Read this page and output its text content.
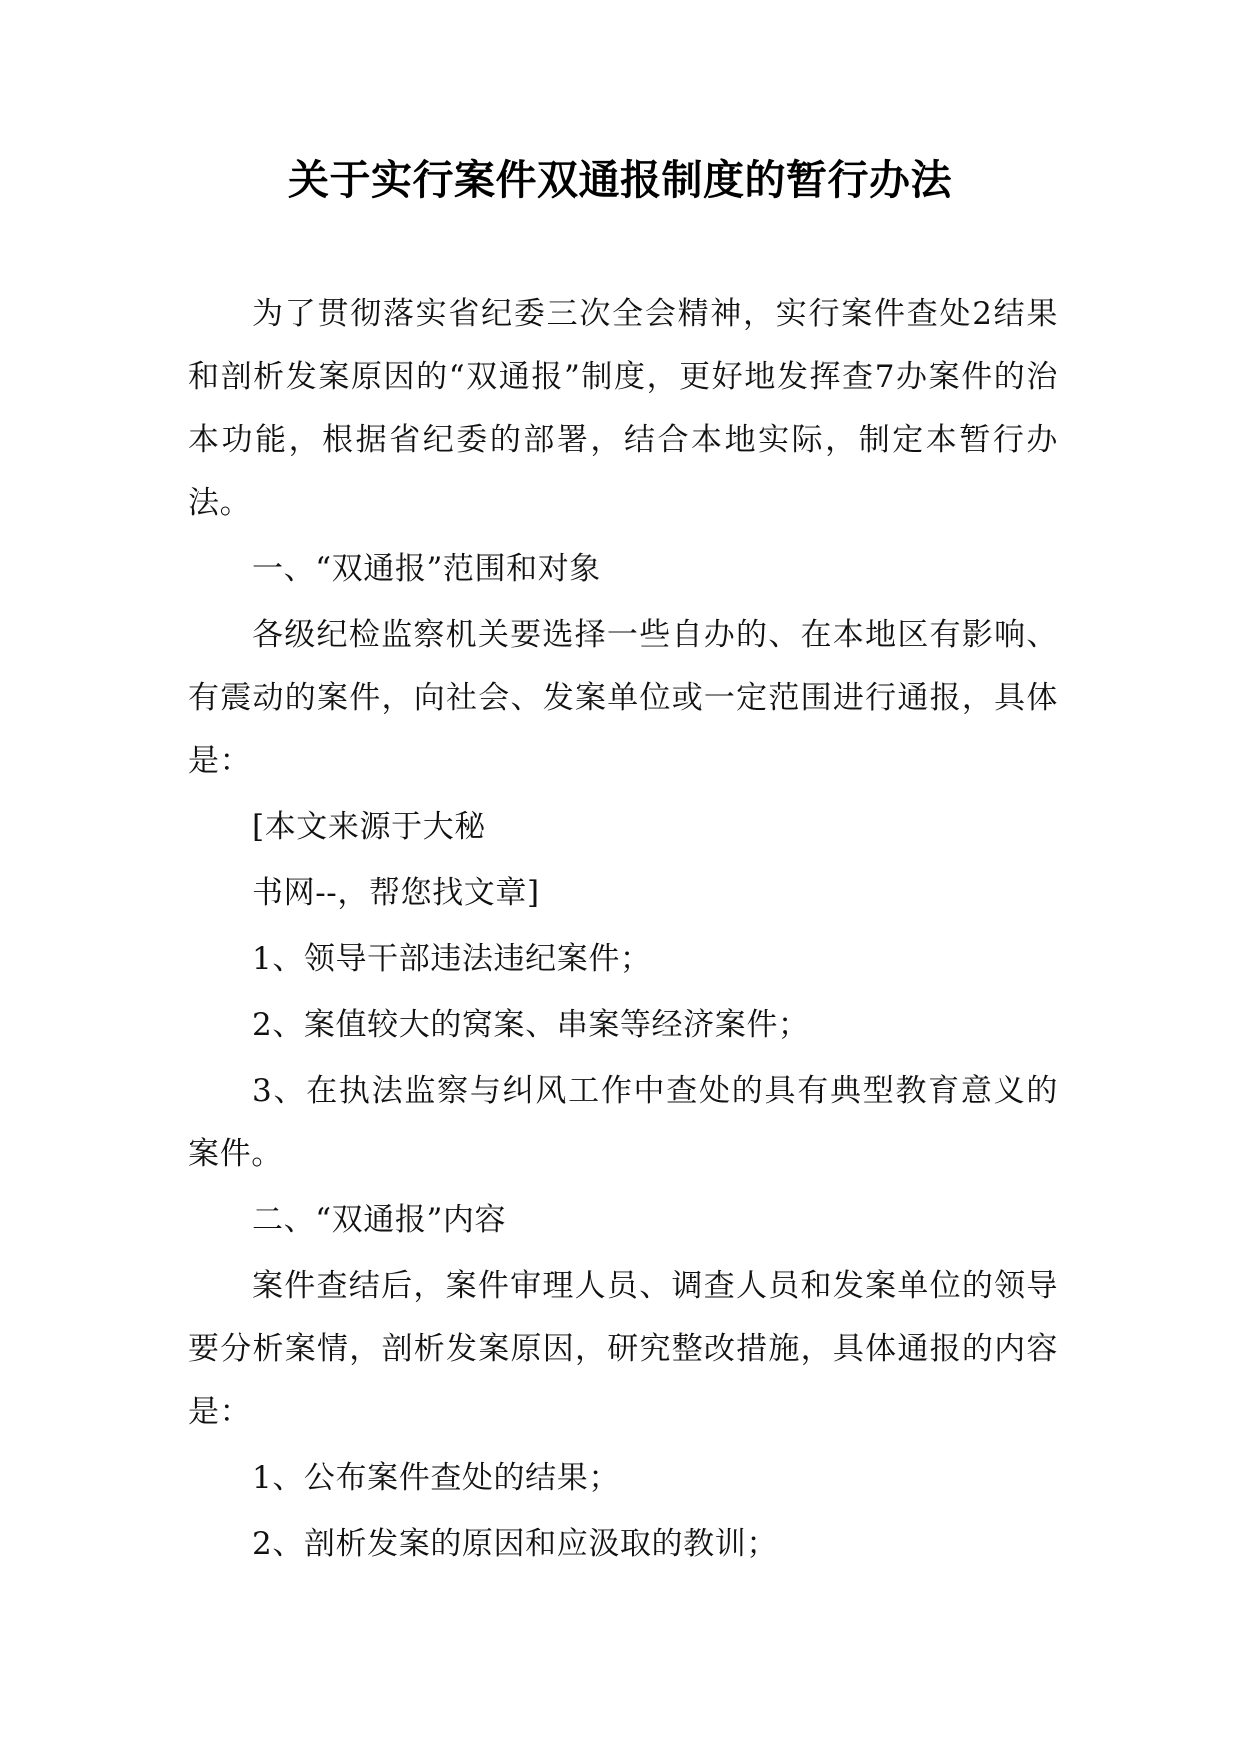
关于实行案件双通报制度的暂行办法

为了贯彻落实省纪委三次全会精神，实行案件查处2结果和剖析发案原因的“双通报”制度，更好地发挥查7办案件的治本功能，根据省纪委的部署，结合本地实际，制定本暂行办法。

一、“双通报”范围和对象

各级纪检监察机关要选择一些自办的、在本地区有影响、有震动的案件，向社会、发案单位或一定范围进行通报，具体是：

[本文来源于大秘

书网--，帮您找文章]

1、领导干部违法违纪案件；

2、案值较大的窝案、串案等经济案件；

3、在执法监察与纠风工作中查处的具有典型教育意义的案件。

二、“双通报”内容

案件查结后，案件审理人员、调查人员和发案单位的领导要分析案情，剖析发案原因，研究整改措施，具体通报的内容是：

1、公布案件查处的结果；

2、剖析发案的原因和应汲取的教训；
